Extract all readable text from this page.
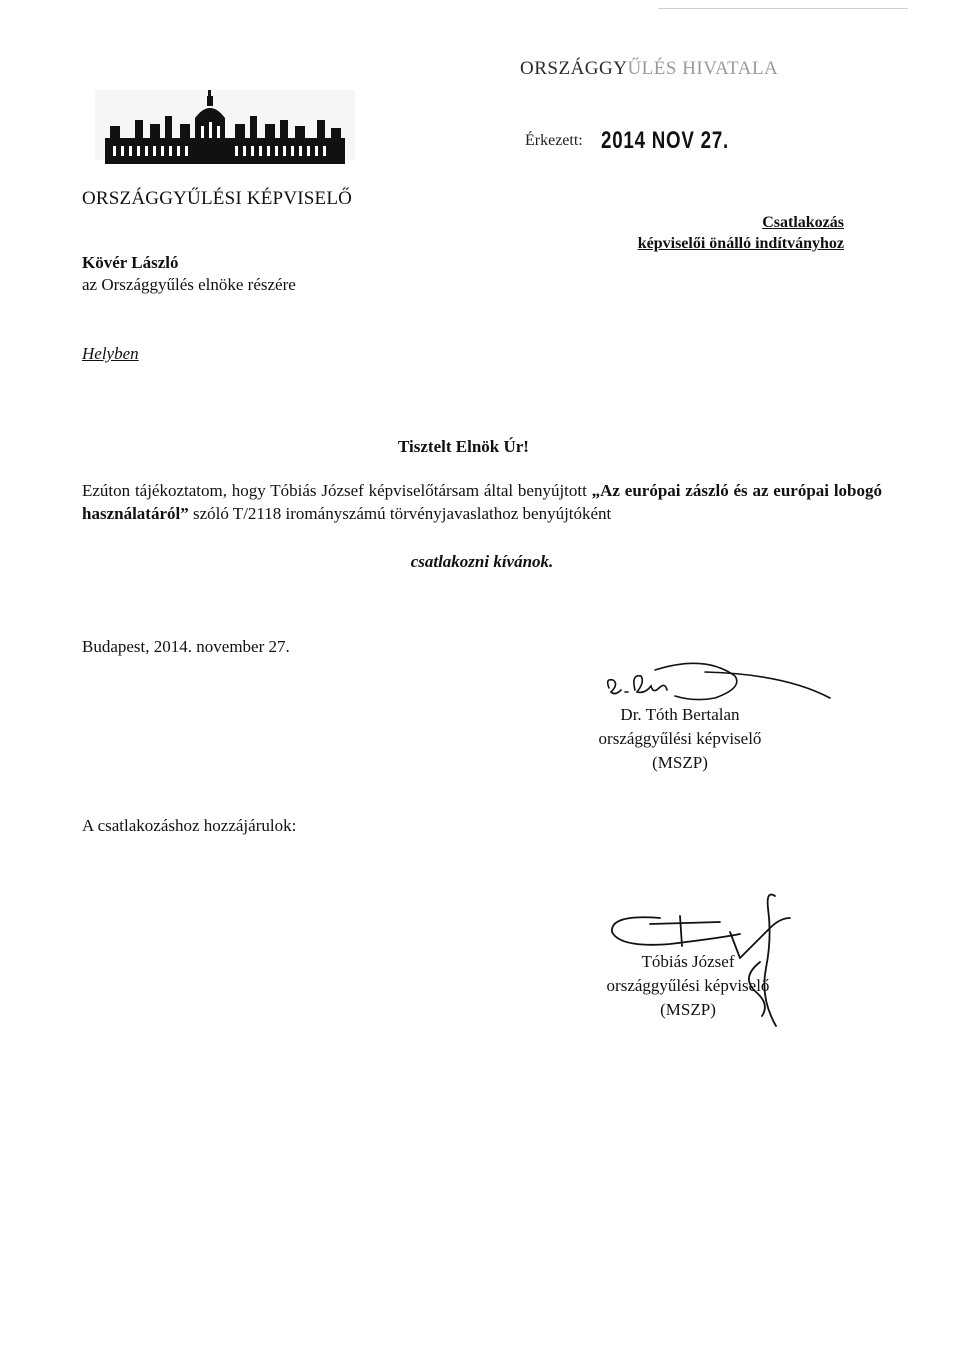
ORSZÁGGYŰLÉS HIVATALA
Érkezett: 2014 NOV 27.
ORSZÁGGYŰLÉSI KÉPVISELŐ
Csatlakozás
képviselői önálló indítványhoz
Kövér László
az Országgyűlés elnöke részére
Helyben
Tisztelt Elnök Úr!
Ezúton tájékoztatom, hogy Tóbiás József képviselőtársam által benyújtott „Az európai zászló és az európai lobogó használatáról” szóló T/2118 irományszámú törvényjavaslathoz benyújtóként
csatlakozni kívánok.
Budapest, 2014. november 27.
Dr. Tóth Bertalan
országgyűlési képviselő
(MSZP)
A csatlakozáshoz hozzájárulok:
Tóbiás József
országgyűlési képviselő
(MSZP)
